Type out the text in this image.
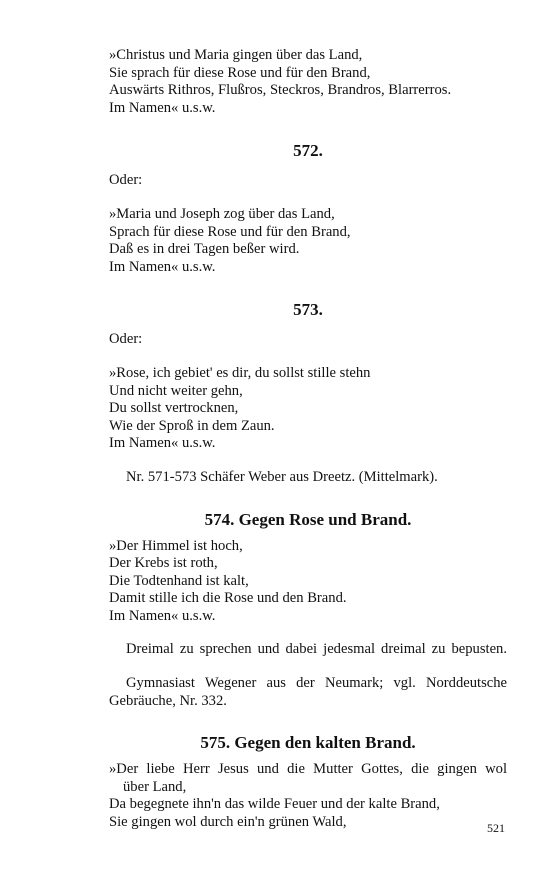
»Christus und Maria gingen über das Land,
Sie sprach für diese Rose und für den Brand,
Auswärts Rithros, Flußros, Steckros, Brandros, Blarrerros.
Im Namen« u.s.w.
572.

Oder:

»Maria und Joseph zog über das Land,
Sprach für diese Rose und für den Brand,
Daß es in drei Tagen beßer wird.
Im Namen« u.s.w.
573.

Oder:

»Rose, ich gebiet' es dir, du sollst stille stehn
Und nicht weiter gehn,
Du sollst vertrocknen,
Wie der Sproß in dem Zaun.
Im Namen« u.s.w.

Nr. 571-573 Schäfer Weber aus Dreetz. (Mittelmark).

574. Gegen Rose und Brand.
»Der Himmel ist hoch,
Der Krebs ist roth,
Die Todtenhand ist kalt,
Damit stille ich die Rose und den Brand.
Im Namen« u.s.w.

Dreimal zu sprechen und dabei jedesmal dreimal zu bepusten.

Gymnasiast Wegener aus der Neumark; vgl. Norddeutsche
Gebräuche, Nr. 332.

575. Gegen den kalten Brand.
»Der liebe Herr Jesus und die Mutter Gottes, die gingen wol
über Land,
Da begegnete ihn'n das wilde Feuer und der kalte Brand,
Sie gingen wol durch ein'n grünen Wald,	521
